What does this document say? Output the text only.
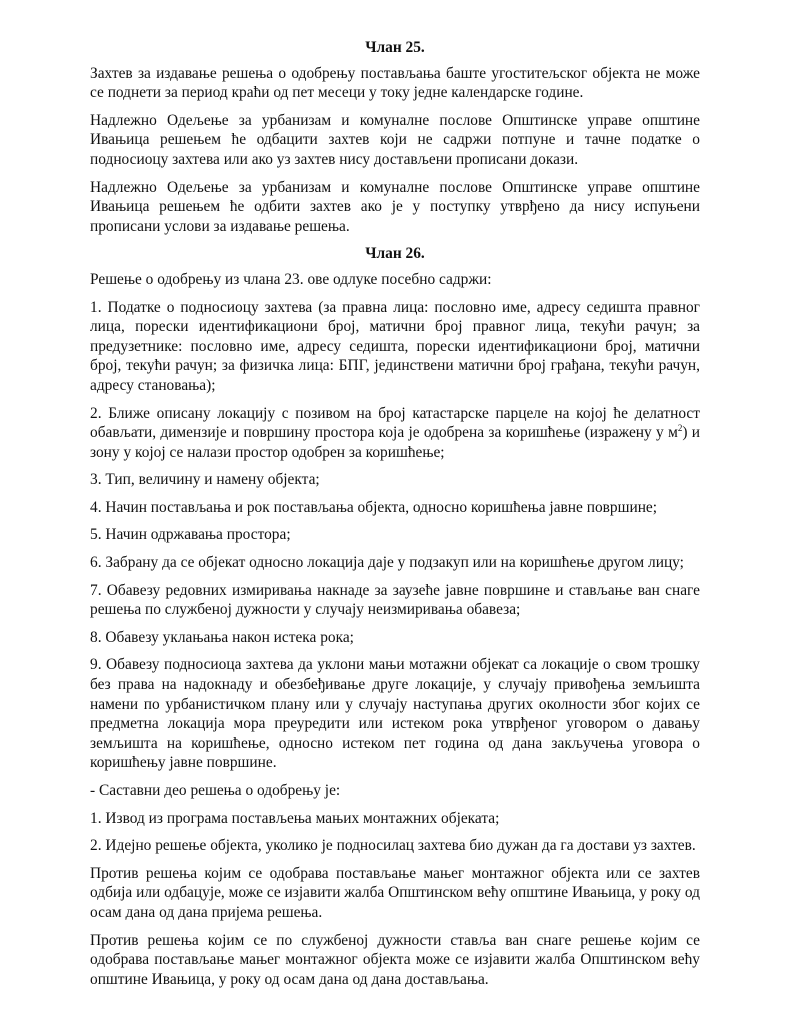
Члан 25.

Захтев за издавање решења о одобрењу постављања баште угоститељског објекта не може се поднети за период краћи од пет месеци у току једне календарске године.

Надлежно Одељење за урбанизам и комуналне послове Општинске управе општине Ивањица решењем ће одбацити захтев који не садржи потпуне и тачне податке о подносиоцу захтева или ако уз захтев нису достављени прописани докази.

Надлежно Одељење за урбанизам и комуналне послове Општинске управе општине Ивањица решењем ће одбити захтев ако је у поступку утврђено да нису испуњени прописани услови за издавање решења.

Члан 26.

Решење о одобрењу из члана 23. ове одлуке посебно садржи:

1. Податке о подносиоцу захтева (за правна лица: пословно име, адресу седишта правног лица, порески идентификациони број, матични број правног лица, текући рачун; за предузетнике: пословно име, адресу седишта, порески идентификациони број, матични број, текући рачун; за физичка лица: БПГ, јединствени матични број грађана, текући рачун, адресу становања);

2. Ближе описану локацију с позивом на број катастарске парцеле на којој ће делатност обављати, димензије и површину простора која је одобрена за коришћење (изражену у $м^2$) и зону у којој се налази простор одобрен за коришћење;

3. Тип, величину и намену објекта;

4. Начин постављања и рок постављања објекта, односно коришћења јавне површине;

5. Начин одржавања простора;

6. Забрану да се објекат односно локација даје у подзакуп или на коришћење другом лицу;

7. Обавезу редовних измиривања накнаде за заузеће јавне површине и стављање ван снаге решења по службеној дужности у случају неизмиривања обавеза;

8. Обавезу уклањања након истека рока;

9. Обавезу подносиоца захтева да уклони мањи мотажни објекат са локације о свом трошку без права на надокнаду и обезбеђивање друге локације, у случају привођења земљишта намени по урбанистичком плану или у случају наступања других околности због којих се предметна локација мора преуредити или истеком рока утврђеног уговором о давању земљишта на коришћење, односно истеком пет година од дана закључења уговора о коришћењу јавне површине.

- Саставни део решења о одобрењу је:

1. Извод из програма постављења мањих монтажних објеката;

2. Идејно решење објекта, уколико је подносилац захтева био дужан да га достави уз захтев.

Против решења којим се одобрава постављање мањег монтажног објекта или се захтев одбија или одбацује, може се изјавити жалба Општинском већу општине Ивањица, у року од осам дана од дана пријема решења.

Против решења којим се по службеној дужности ставља ван снаге решење којим се одобрава постављање мањег монтажног објекта може се изјавити жалба Општинском већу општине Ивањица, у року од осам дана од дана достављања.
